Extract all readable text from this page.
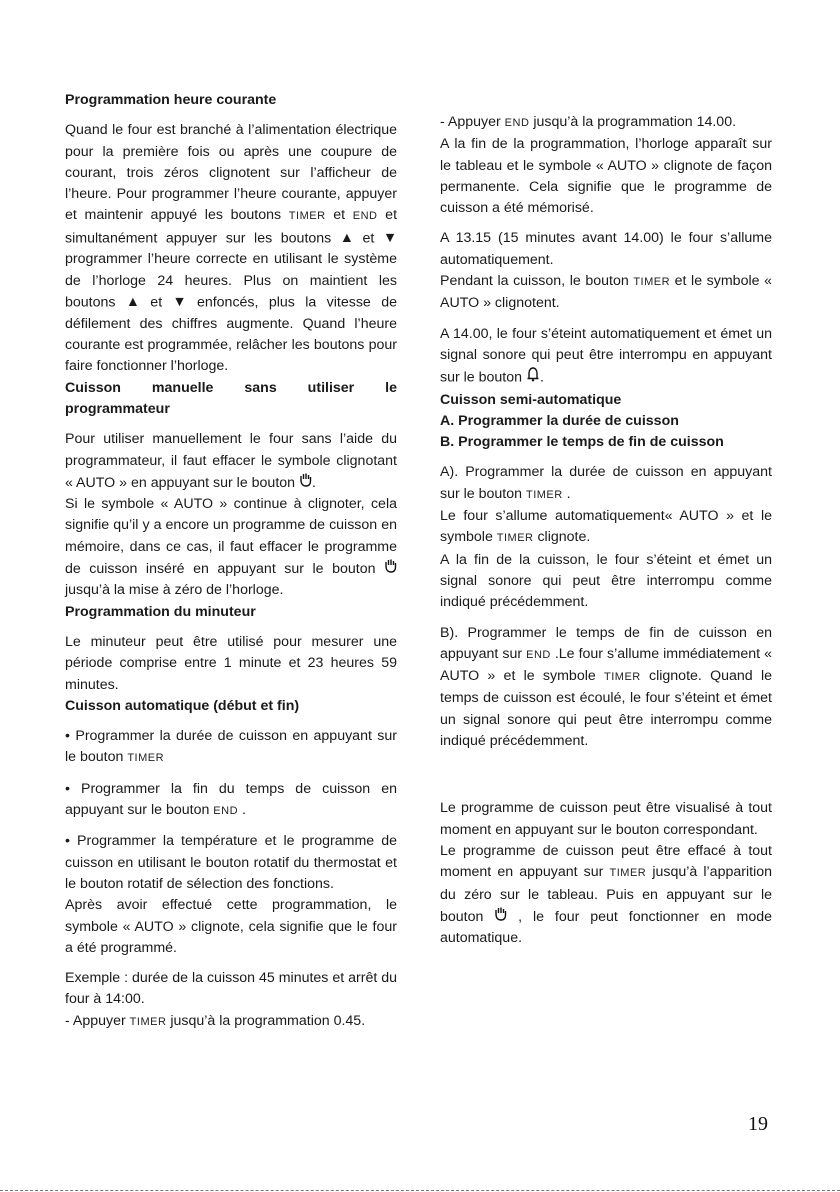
Programmation heure courante

Quand le four est branché à l’alimentation électrique pour la première fois ou après une coupure de courant, trois zéros clignotent sur l’afficheur de l’heure. Pour programmer l’heure courante, appuyer et maintenir appuyé les boutons TIMER et END et simultanément appuyer sur les boutons ▲ et ▼ programmer l’heure correcte en utilisant le système de l’horloge 24 heures. Plus on maintient les boutons ▲ et ▼ enfoncés, plus la vitesse de défilement des chiffres augmente. Quand l’heure courante est programmée, relâcher les boutons pour faire fonctionner l’horloge.

Cuisson manuelle sans utiliser le programmateur

Pour utiliser manuellement le four sans l’aide du programmateur, il faut effacer le symbole clignotant « AUTO » en appuyant sur le bouton .

Si le symbole « AUTO » continue à clignoter, cela signifie qu’il y a encore un programme de cuisson en mémoire, dans ce cas, il faut effacer le programme de cuisson inséré en appuyant sur le bouton  jusqu’à la mise à zéro de l’horloge.

Programmation du minuteur

Le minuteur peut être utilisé pour mesurer une période comprise entre 1 minute et 23 heures 59 minutes.

Cuisson automatique (début et fin)

• Programmer la durée de cuisson en appuyant sur le bouton TIMER

• Programmer la fin du temps de cuisson en appuyant sur le bouton END .

• Programmer la température et le programme de cuisson en utilisant le bouton rotatif du thermostat et le bouton rotatif de sélection des fonctions.

Après avoir effectué cette programmation, le symbole « AUTO » clignote, cela signifie que le four a été programmé.

Exemple : durée de la cuisson 45 minutes et arrêt du four à 14:00.

- Appuyer TIMER jusqu’à la programmation 0.45.

- Appuyer END jusqu’à la programmation 14.00.

A la fin de la programmation, l’horloge apparaît sur le tableau et le symbole « AUTO » clignote de façon permanente. Cela signifie que le programme de cuisson a été mémorisé.

A 13.15 (15 minutes avant 14.00) le four s’allume automatiquement.

Pendant la cuisson, le bouton TIMER et le symbole « AUTO » clignotent.

A 14.00, le four s’éteint automatiquement et émet un signal sonore qui peut être interrompu en appuyant sur le bouton .

Cuisson semi-automatique

A. Programmer la durée de cuisson

B. Programmer le temps de fin de cuisson

A). Programmer la durée de cuisson en appuyant sur le bouton TIMER .

Le four s’allume automatiquement« AUTO » et le symbole TIMER clignote.

A la fin de la cuisson, le four s’éteint et émet un signal sonore qui peut être interrompu comme indiqué précédemment.

B). Programmer le temps de fin de cuisson en appuyant sur END .Le four s’allume immédiatement « AUTO » et le symbole TIMER clignote. Quand le temps de cuisson est écoulé, le four s’éteint et émet un signal sonore qui peut être interrompu comme indiqué précédemment.

Le programme de cuisson peut être visualisé à tout moment en appuyant sur le bouton correspondant.

Le programme de cuisson peut être effacé à tout moment en appuyant sur TIMER jusqu’à l’apparition du zéro sur le tableau. Puis en appuyant sur le bouton  , le four peut fonctionner en mode automatique.

19
